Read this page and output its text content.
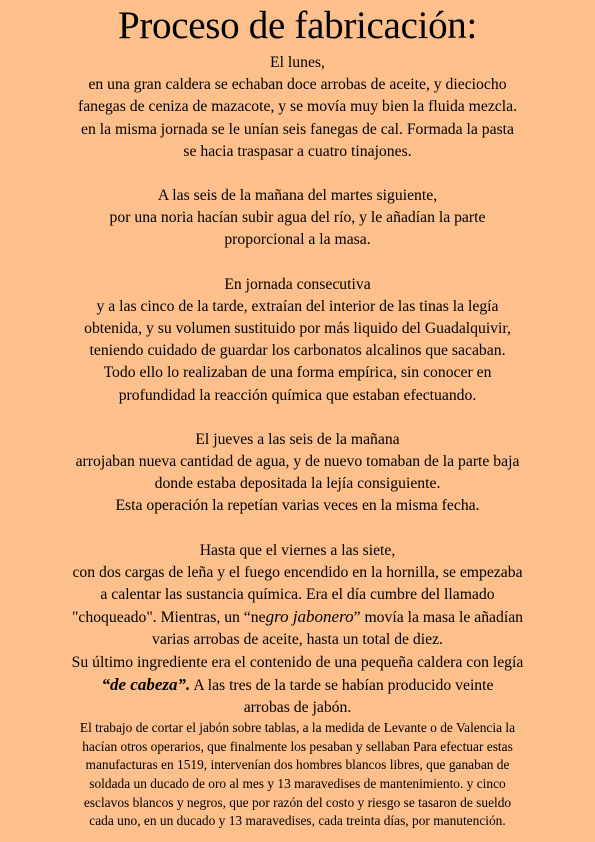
Proceso de fabricación:
El lunes,
en una gran caldera se echaban doce arrobas de aceite, y dieciocho
fanegas de ceniza de mazacote, y se movía muy bien la fluida mezcla.
en la misma jornada se le unían seis fanegas de cal. Formada la pasta
se hacia traspasar a cuatro tinajones.
A las seis de la mañana del martes siguiente,
por una noria hacían subir agua del río, y le añadían la parte
proporcional a la masa.
En jornada consecutiva
y a las cinco de la tarde, extraían del interior de las tinas la legía
obtenida, y su volumen sustituido por más liquido del Guadalquivir,
teniendo cuidado de guardar los carbonatos alcalinos que sacaban.
Todo ello lo realizaban de una forma empírica, sin conocer en
profundidad la reacción química que estaban efectuando.
El jueves a las seis de la mañana
arrojaban nueva cantidad de agua, y de nuevo tomaban de la parte baja
donde estaba depositada la lejía consiguiente.
Esta operación la repetían varias veces en la misma fecha.
Hasta que el viernes a las siete,
con dos cargas de leña y el fuego encendido en la hornilla, se empezaba
a calentar las sustancia química. Era el día cumbre del llamado
"choqueado". Mientras, un “negro jabonero” movía la masa le añadían
varias arrobas de aceite, hasta un total de diez.
Su último ingrediente era el contenido de una pequeña caldera con legía
“de cabeza”. A las tres de la tarde se habían producido veinte
arrobas de jabón.
El trabajo de cortar el jabón sobre tablas, a la medida de Levante o de Valencia la
hacían otros operarios, que finalmente los pesaban y sellaban Para efectuar estas
manufacturas en 1519, intervenían dos hombres blancos libres, que ganaban de
soldada un ducado de oro al mes y 13 maravedises de mantenimiento. y cinco
esclavos blancos y negros, que por razón del costo y riesgo se tasaron de sueldo
cada uno, en un ducado y 13 maravedises, cada treinta días, por manutención.
